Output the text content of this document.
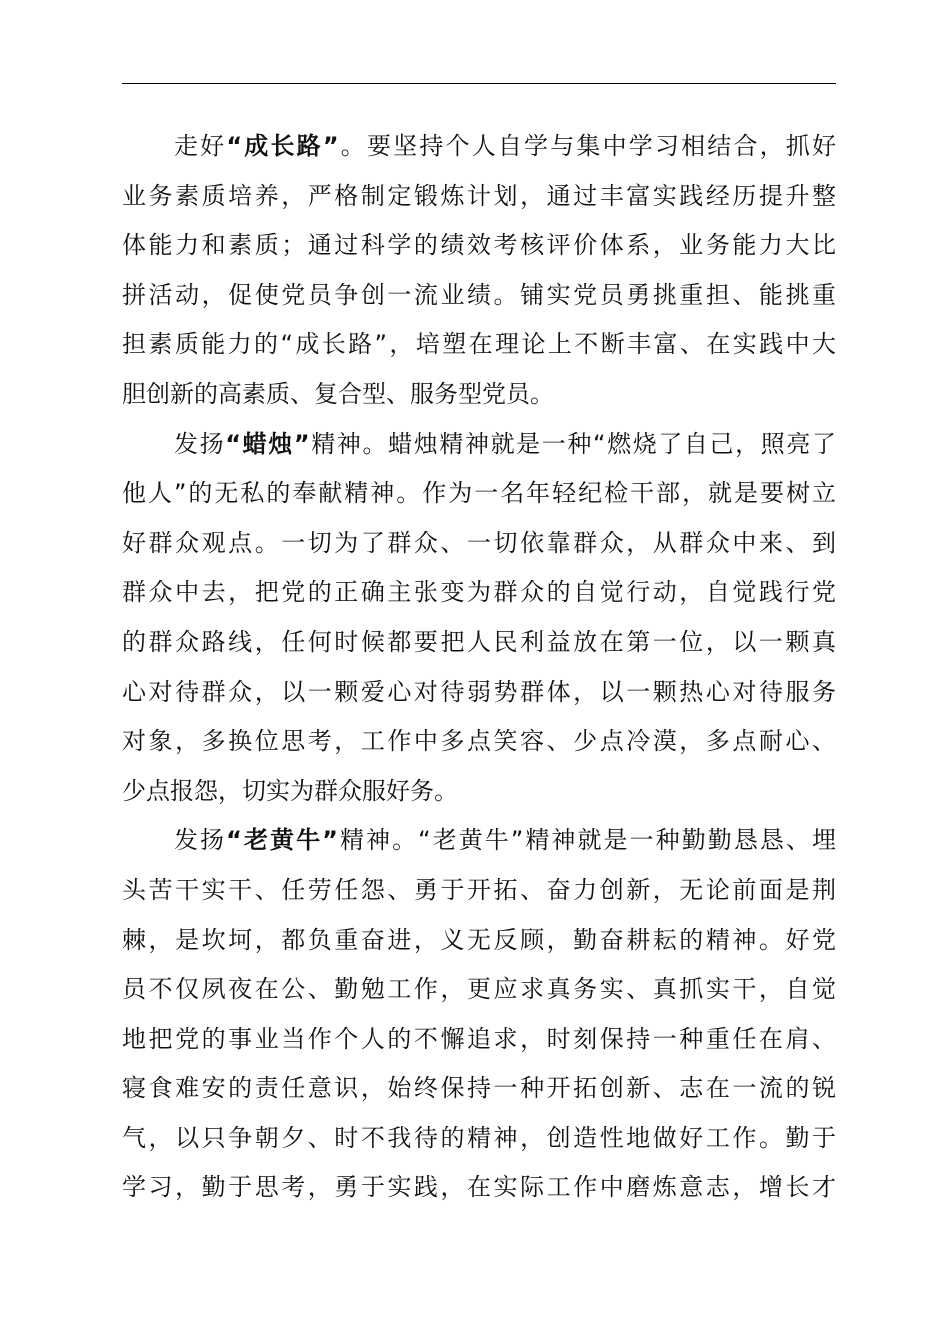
走好“成长路”。要坚持个人自学与集中学习相结合，抓好
业务素质培养，严格制定锻炼计划，通过丰富实践经历提升整
体能力和素质；通过科学的绩效考核评价体系，业务能力大比
拼活动，促使党员争创一流业绩。铺实党员勇挑重担、能挑重
担素质能力的“成长路”，培塑在理论上不断丰富、在实践中大
胆创新的高素质、复合型、服务型党员。
发扬“蜡烛”精神。蜡烛精神就是一种“燃烧了自己，照亮了
他人”的无私的奉献精神。作为一名年轻纪检干部，就是要树立
好群众观点。一切为了群众、一切依靠群众，从群众中来、到
群众中去，把党的正确主张变为群众的自觉行动，自觉践行党
的群众路线，任何时候都要把人民利益放在第一位，以一颗真
心对待群众，以一颗爱心对待弱势群体，以一颗热心对待服务
对象，多换位思考，工作中多点笑容、少点冷漠，多点耐心、
少点报怨，切实为群众服好务。
发扬“老黄牛”精神。“老黄牛”精神就是一种勤勤恳恳、埋
头苦干实干、任劳任怨、勇于开拓、奋力创新，无论前面是荆
棘，是坎坷，都负重奋进，义无反顾，勤奋耕耘的精神。好党
员不仅夙夜在公、勤勉工作，更应求真务实、真抓实干，自觉
地把党的事业当作个人的不懈追求，时刻保持一种重任在肩、
寝食难安的责任意识，始终保持一种开拓创新、志在一流的锐
气，以只争朝夕、时不我待的精神，创造性地做好工作。勤于
学习，勤于思考，勇于实践，在实际工作中磨炼意志，增长才
